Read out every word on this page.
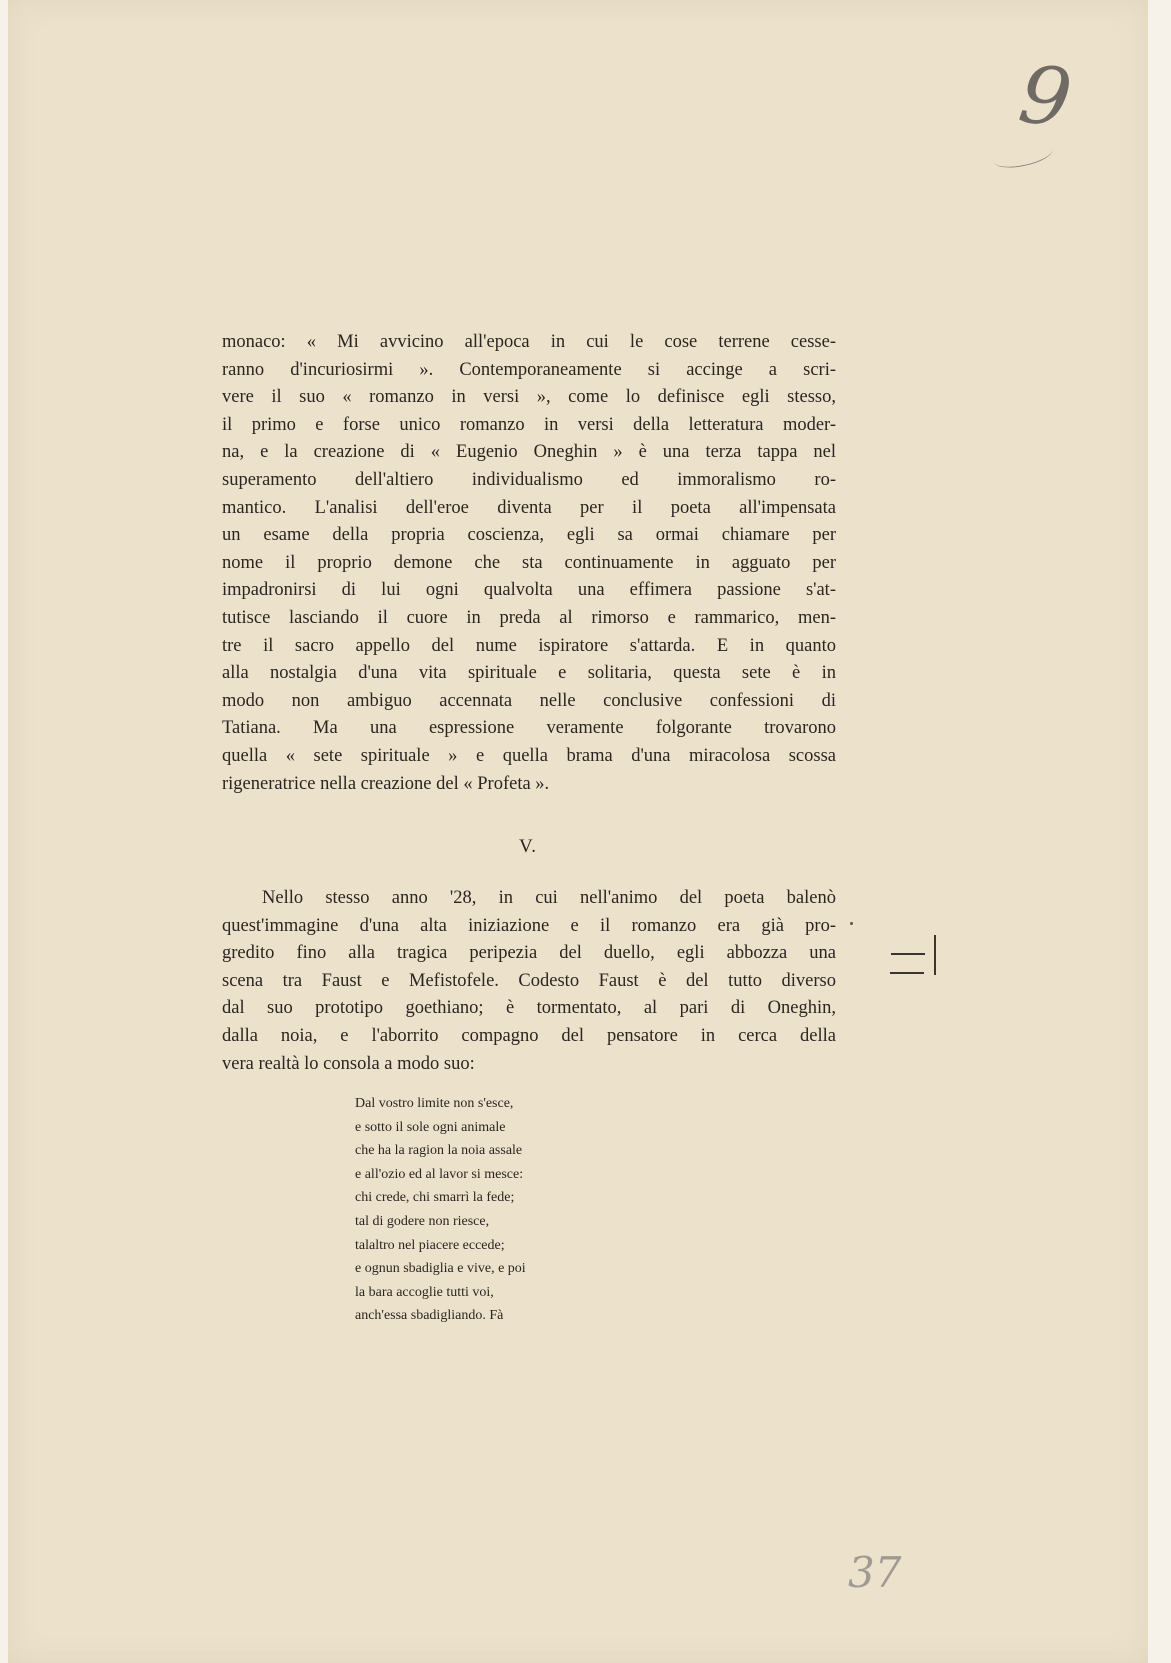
9
monaco: « Mi avvicino all'epoca in cui le cose terrene cesse-
ranno d'incuriosirmi ». Contemporaneamente si accinge a scri-
vere il suo « romanzo in versi », come lo definisce egli stesso,
il primo e forse unico romanzo in versi della letteratura moder-
na, e la creazione di « Eugenio Oneghin » è una terza tappa nel
superamento dell'altiero individualismo ed immoralismo ro-
mantico. L'analisi dell'eroe diventa per il poeta all'impensata
un esame della propria coscienza, egli sa ormai chiamare per
nome il proprio demone che sta continuamente in agguato per
impadronirsi di lui ogni qualvolta una effimera passione s'at-
tutisce lasciando il cuore in preda al rimorso e rammarico, men-
tre il sacro appello del nume ispiratore s'attarda. E in quanto
alla nostalgia d'una vita spirituale e solitaria, questa sete è in
modo non ambiguo accennata nelle conclusive confessioni di
Tatiana. Ma una espressione veramente folgorante trovarono
quella « sete spirituale » e quella brama d'una miracolosa scossa
rigeneratrice nella creazione del « Profeta ».
V.
Nello stesso anno '28, in cui nell'animo del poeta balenò
quest'immagine d'una alta iniziazione e il romanzo era già pro-
gredito fino alla tragica peripezia del duello, egli abbozza una
scena tra Faust e Mefistofele. Codesto Faust è del tutto diverso
dal suo prototipo goethiano; è tormentato, al pari di Oneghin,
dalla noia, e l'aborrito compagno del pensatore in cerca della
vera realtà lo consola a modo suo:
Dal vostro limite non s'esce,
e sotto il sole ogni animale
che ha la ragion la noia assale
e all'ozio ed al lavor si mesce:
chi crede, chi smarrì la fede;
tal di godere non riesce,
talaltro nel piacere eccede;
e ognun sbadiglia e vive, e poi
la bara accoglie tutti voi,
anch'essa sbadigliando. Fà
37
